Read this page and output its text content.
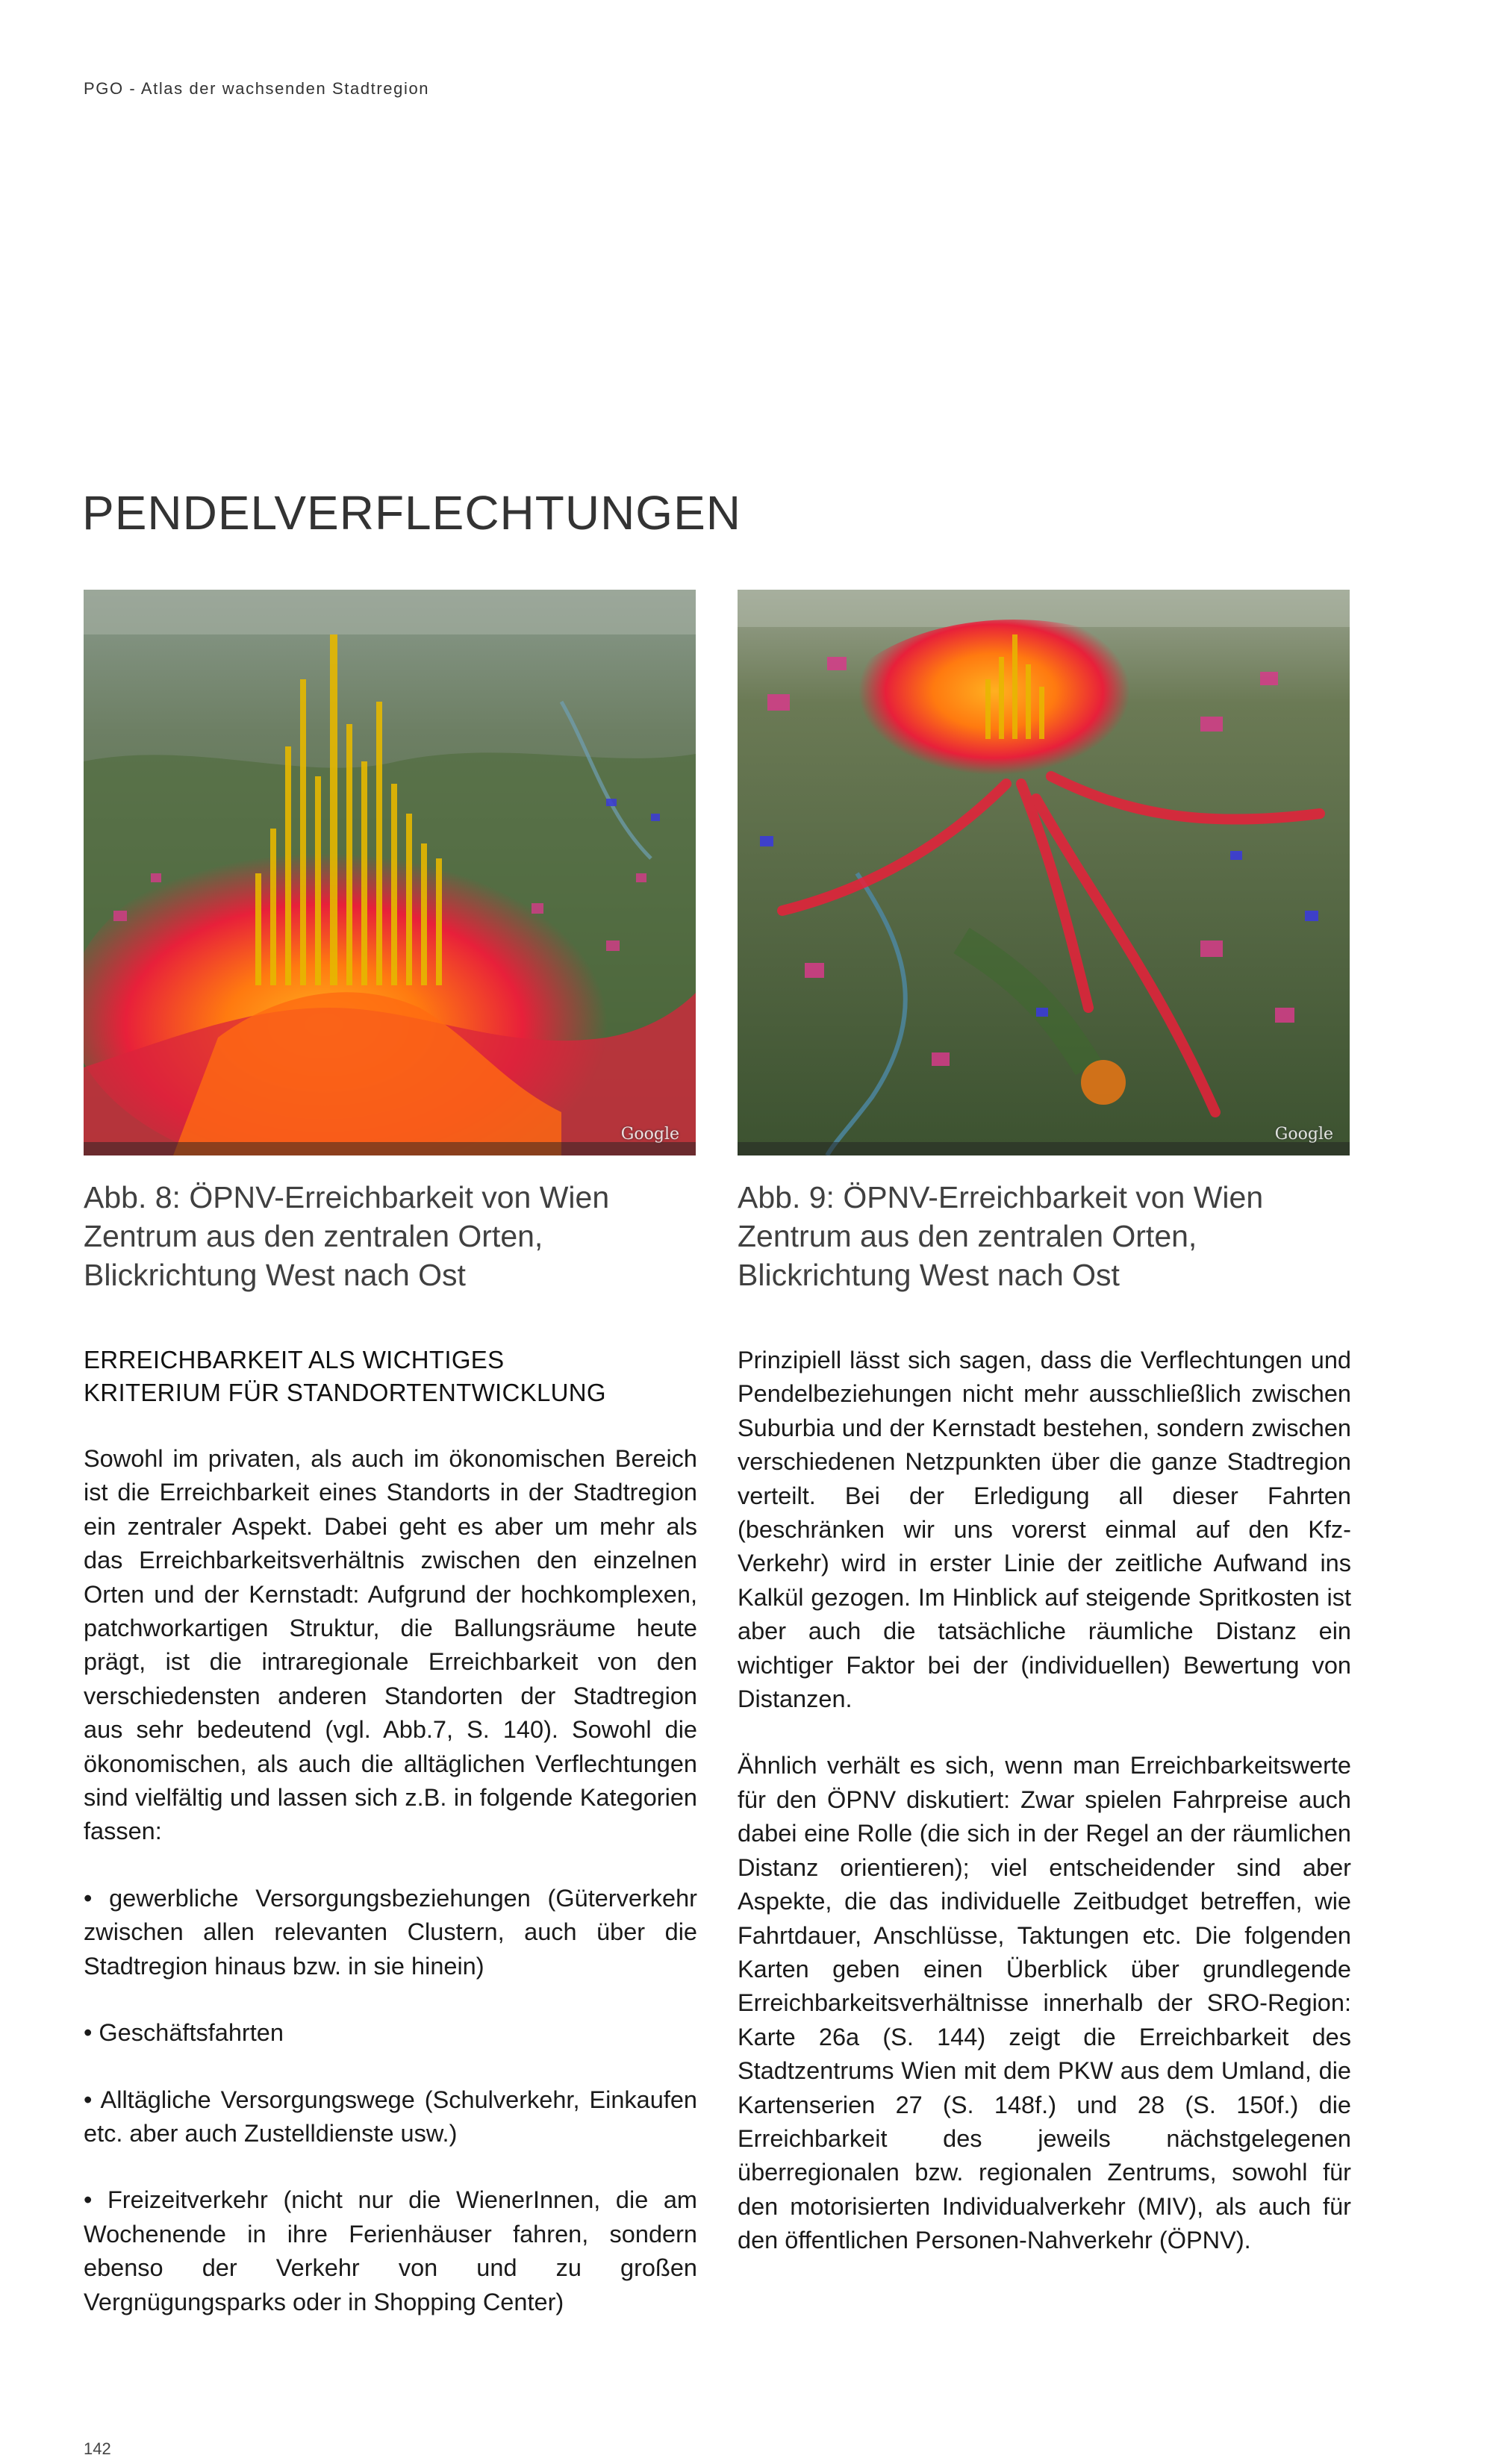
PGO - Atlas der wachsenden Stadtregion
PENDELVERFLECHTUNGEN
Google
Abb. 8: ÖPNV-Erreichbarkeit von Wien Zentrum aus den zentralen Orten, Blickrichtung West nach Ost
Google
Abb. 9: ÖPNV-Erreichbarkeit von Wien Zentrum aus den zentralen Orten, Blickrichtung West nach Ost
ERREICHBARKEIT ALS WICHTIGES
KRITERIUM FÜR STANDORTENTWICKLUNG

Sowohl im privaten, als auch im ökonomischen Bereich ist die Erreichbarkeit eines Standorts in der Stadtregion ein zentraler Aspekt. Dabei geht es aber um mehr als das Erreichbarkeitsverhältnis zwischen den einzelnen Orten und der Kernstadt: Aufgrund der hochkomplexen, patchworkartigen Struktur, die Ballungsräume heute prägt, ist die intraregionale Erreichbarkeit von den verschiedensten anderen Standorten der Stadtregion aus sehr bedeutend (vgl. Abb.7, S. 140). Sowohl die ökonomischen, als auch die alltäglichen Verflechtungen sind vielfältig und lassen sich z.B. in folgende Kategorien fassen:

• gewerbliche Versorgungsbeziehungen (Güterverkehr zwischen allen relevanten Clustern, auch über die Stadtregion hinaus bzw. in sie hinein)

• Geschäftsfahrten

• Alltägliche Versorgungswege (Schulverkehr, Einkaufen etc. aber auch Zustelldienste usw.)

• Freizeitverkehr (nicht nur die WienerInnen, die am Wochenende in ihre Ferienhäuser fahren, sondern ebenso der Verkehr von und zu großen Vergnügungsparks oder in Shopping Center)

Prinzipiell lässt sich sagen, dass die Verflechtungen und Pendelbeziehungen nicht mehr ausschließlich zwischen Suburbia und der Kernstadt bestehen, sondern zwischen verschiedenen Netzpunkten über die ganze Stadtregion verteilt. Bei der Erledigung all dieser Fahrten (beschränken wir uns vorerst einmal auf den Kfz-Verkehr) wird in erster Linie der zeitliche Aufwand ins Kalkül gezogen. Im Hinblick auf steigende Spritkosten ist aber auch die tatsächliche räumliche Distanz ein wichtiger Faktor bei der (individuellen) Bewertung von Distanzen.

Ähnlich verhält es sich, wenn man Erreichbarkeitswerte für den ÖPNV diskutiert: Zwar spielen Fahrpreise auch dabei eine Rolle (die sich in der Regel an der räumlichen Distanz orientieren); viel entscheidender sind aber Aspekte, die das individuelle Zeitbudget betreffen, wie Fahrtdauer, Anschlüsse, Taktungen etc. Die folgenden Karten geben einen Überblick über grundlegende Erreichbarkeitsverhältnisse innerhalb der SRO-Region: Karte 26a (S. 144) zeigt die Erreichbarkeit des Stadtzentrums Wien mit dem PKW aus dem Umland, die Kartenserien 27 (S. 148f.) und 28 (S. 150f.) die Erreichbarkeit des jeweils nächstgelegenen überregionalen bzw. regionalen Zentrums, sowohl für den motorisierten Individualverkehr (MIV), als auch für den öffentlichen Personen-Nahverkehr (ÖPNV).

142
